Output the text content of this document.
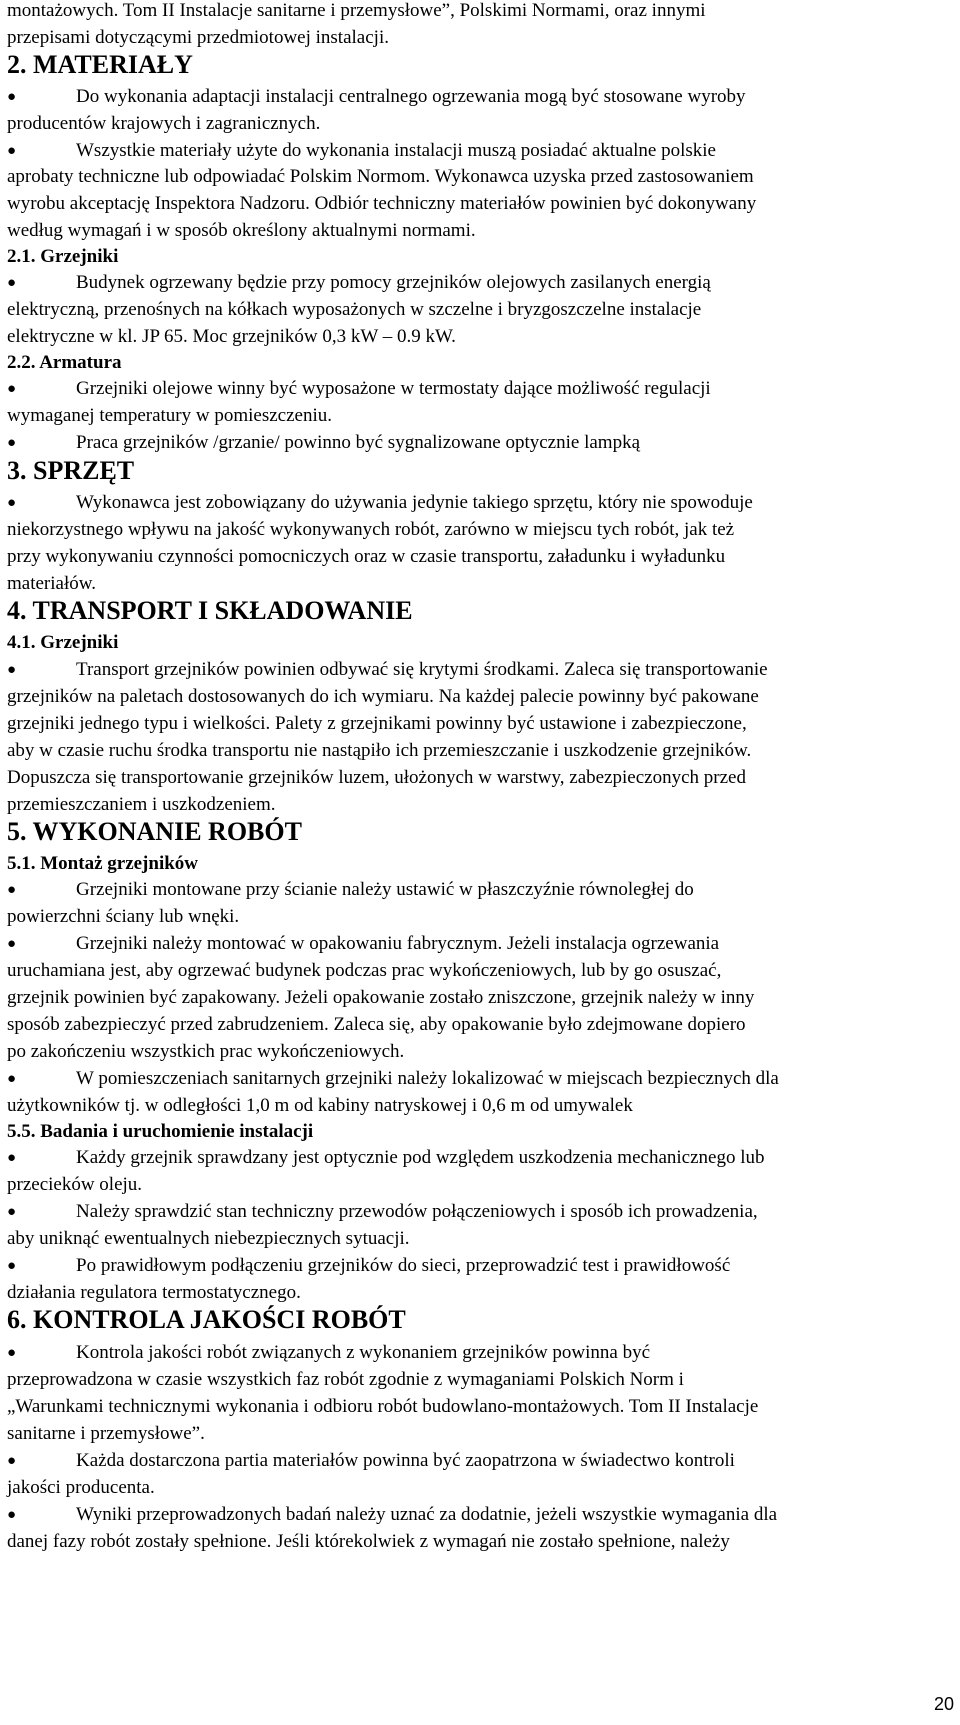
20
montażowych. Tom II Instalacje sanitarne i przemysłowe”, Polskimi Normami, oraz innymi
przepisami dotyczącymi przedmiotowej instalacji.
2. MATERIAŁY
●	Do wykonania adaptacji instalacji centralnego ogrzewania mogą być stosowane wyroby
producentów krajowych i zagranicznych.
●	Wszystkie materiały użyte do wykonania instalacji muszą posiadać aktualne polskie
aprobaty techniczne lub odpowiadać Polskim Normom. Wykonawca uzyska przed zastosowaniem
wyrobu akceptację Inspektora Nadzoru. Odbiór techniczny materiałów powinien być dokonywany
według wymagań i w sposób określony aktualnymi normami.
2.1. Grzejniki
●	Budynek ogrzewany będzie przy pomocy grzejników olejowych zasilanych energią
elektryczną, przenośnych na kółkach wyposażonych w szczelne i bryzgoszczelne instalacje
elektryczne w kl. JP 65. Moc grzejników 0,3 kW – 0.9 kW.
2.2. Armatura
●	Grzejniki olejowe winny być wyposażone w termostaty dające możliwość regulacji
wymaganej temperatury w pomieszczeniu.
●	Praca grzejników /grzanie/ powinno być sygnalizowane optycznie lampką
3. SPRZĘT
●	Wykonawca jest zobowiązany do używania jedynie takiego sprzętu, który nie spowoduje
niekorzystnego wpływu na jakość wykonywanych robót, zarówno w miejscu tych robót, jak też
przy wykonywaniu czynności pomocniczych oraz w czasie transportu, załadunku i wyładunku
materiałów.
4. TRANSPORT I SKŁADOWANIE
4.1. Grzejniki
●	Transport grzejników powinien odbywać się krytymi środkami. Zaleca się transportowanie
grzejników na paletach dostosowanych do ich wymiaru. Na każdej palecie powinny być pakowane
grzejniki jednego typu i wielkości. Palety z grzejnikami powinny być ustawione i zabezpieczone,
aby w czasie ruchu środka transportu nie nastąpiło ich przemieszczanie i uszkodzenie grzejników.
Dopuszcza się transportowanie grzejników luzem, ułożonych w warstwy, zabezpieczonych przed
przemieszczaniem i uszkodzeniem.
5. WYKONANIE ROBÓT
5.1. Montaż grzejników
●	Grzejniki montowane przy ścianie należy ustawić w płaszczyźnie równoległej do
powierzchni ściany lub wnęki.
●	Grzejniki należy montować w opakowaniu fabrycznym. Jeżeli instalacja ogrzewania
uruchamiana jest, aby ogrzewać budynek podczas prac wykończeniowych, lub by go osuszać,
grzejnik powinien być zapakowany. Jeżeli opakowanie zostało zniszczone, grzejnik należy w inny
sposób zabezpieczyć przed zabrudzeniem. Zaleca się, aby opakowanie było zdejmowane dopiero
po zakończeniu wszystkich prac wykończeniowych.
●	W pomieszczeniach sanitarnych grzejniki należy lokalizować w miejscach bezpiecznych dla
użytkowników tj. w odległości 1,0 m od kabiny natryskowej i 0,6 m od umywalek
5.5. Badania i uruchomienie instalacji
●	Każdy grzejnik sprawdzany jest optycznie pod względem uszkodzenia mechanicznego lub
przecieków oleju.
●	Należy sprawdzić stan techniczny przewodów połączeniowych i sposób ich prowadzenia,
aby uniknąć ewentualnych niebezpiecznych sytuacji.
●	Po prawidłowym podłączeniu grzejników do sieci, przeprowadzić test i prawidłowość
działania regulatora termostatycznego.
6. KONTROLA JAKOŚCI ROBÓT
●	Kontrola jakości robót związanych z wykonaniem grzejników powinna być
przeprowadzona w czasie wszystkich faz robót zgodnie z wymaganiami Polskich Norm i
„Warunkami technicznymi wykonania i odbioru robót budowlano-montażowych. Tom II Instalacje
sanitarne i przemysłowe”.
●	Każda dostarczona partia materiałów powinna być zaopatrzona w świadectwo kontroli
jakości producenta.
●	Wyniki przeprowadzonych badań należy uznać za dodatnie, jeżeli wszystkie wymagania dla
danej fazy robót zostały spełnione. Jeśli którekolwiek z wymagań nie zostało spełnione, należy
